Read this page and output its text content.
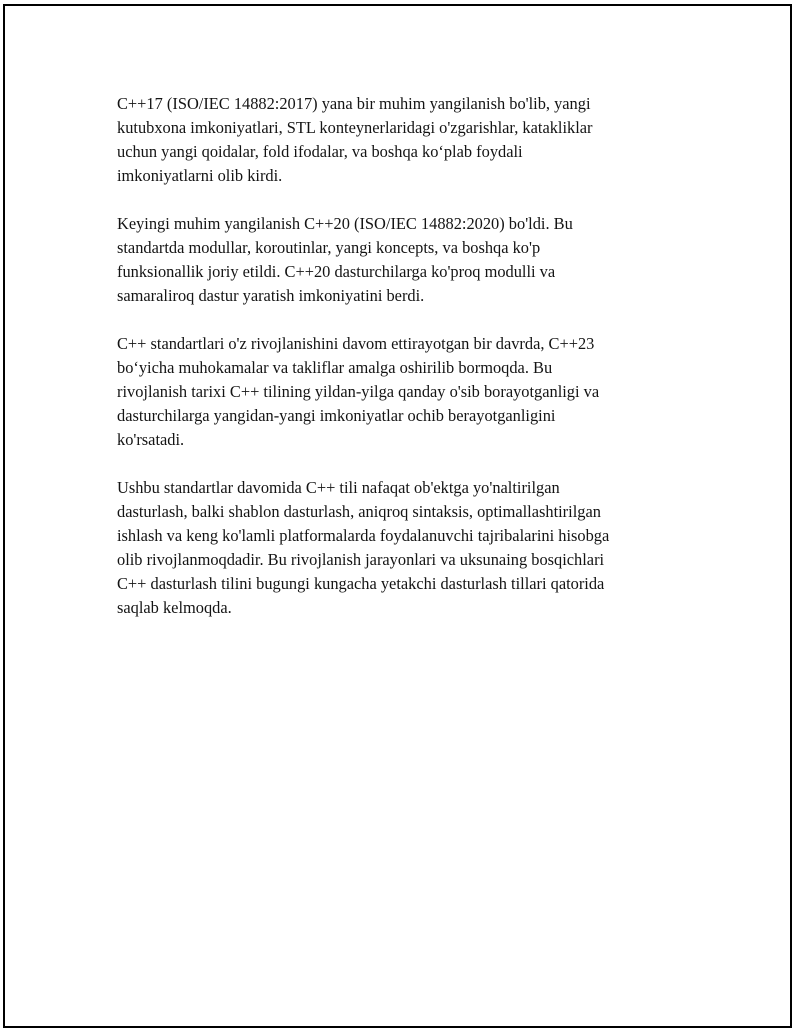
C++17 (ISO/IEC 14882:2017) yana bir muhim yangilanish bo'lib, yangi
kutubxona imkoniyatlari, STL konteynerlaridagi o'zgarishlar, katakliklar
uchun yangi qoidalar, fold ifodalar, va boshqa ko‘plab foydali
imkoniyatlarni olib kirdi.

Keyingi muhim yangilanish C++20 (ISO/IEC 14882:2020) bo'ldi. Bu
standartda modullar, koroutinlar, yangi koncepts, va boshqa ko'p
funksionallik joriy etildi. C++20 dasturchilarga ko'proq modulli va
samaraliroq dastur yaratish imkoniyatini berdi.

C++ standartlari o'z rivojlanishini davom ettirayotgan bir davrda, C++23
bo‘yicha muhokamalar va takliflar amalga oshirilib bormoqda. Bu
rivojlanish tarixi C++ tilining yildan-yilga qanday o'sib borayotganligi va
dasturchilarga yangidan-yangi imkoniyatlar ochib berayotganligini
ko'rsatadi.

Ushbu standartlar davomida C++ tili nafaqat ob'ektga yo'naltirilgan
dasturlash, balki shablon dasturlash, aniqroq sintaksis, optimallashtirilgan
ishlash va keng ko'lamli platformalarda foydalanuvchi tajribalarini hisobga
olib rivojlanmoqdadir. Bu rivojlanish jarayonlari va uksunaing bosqichlari
C++ dasturlash tilini bugungi kungacha yetakchi dasturlash tillari qatorida
saqlab kelmoqda.
